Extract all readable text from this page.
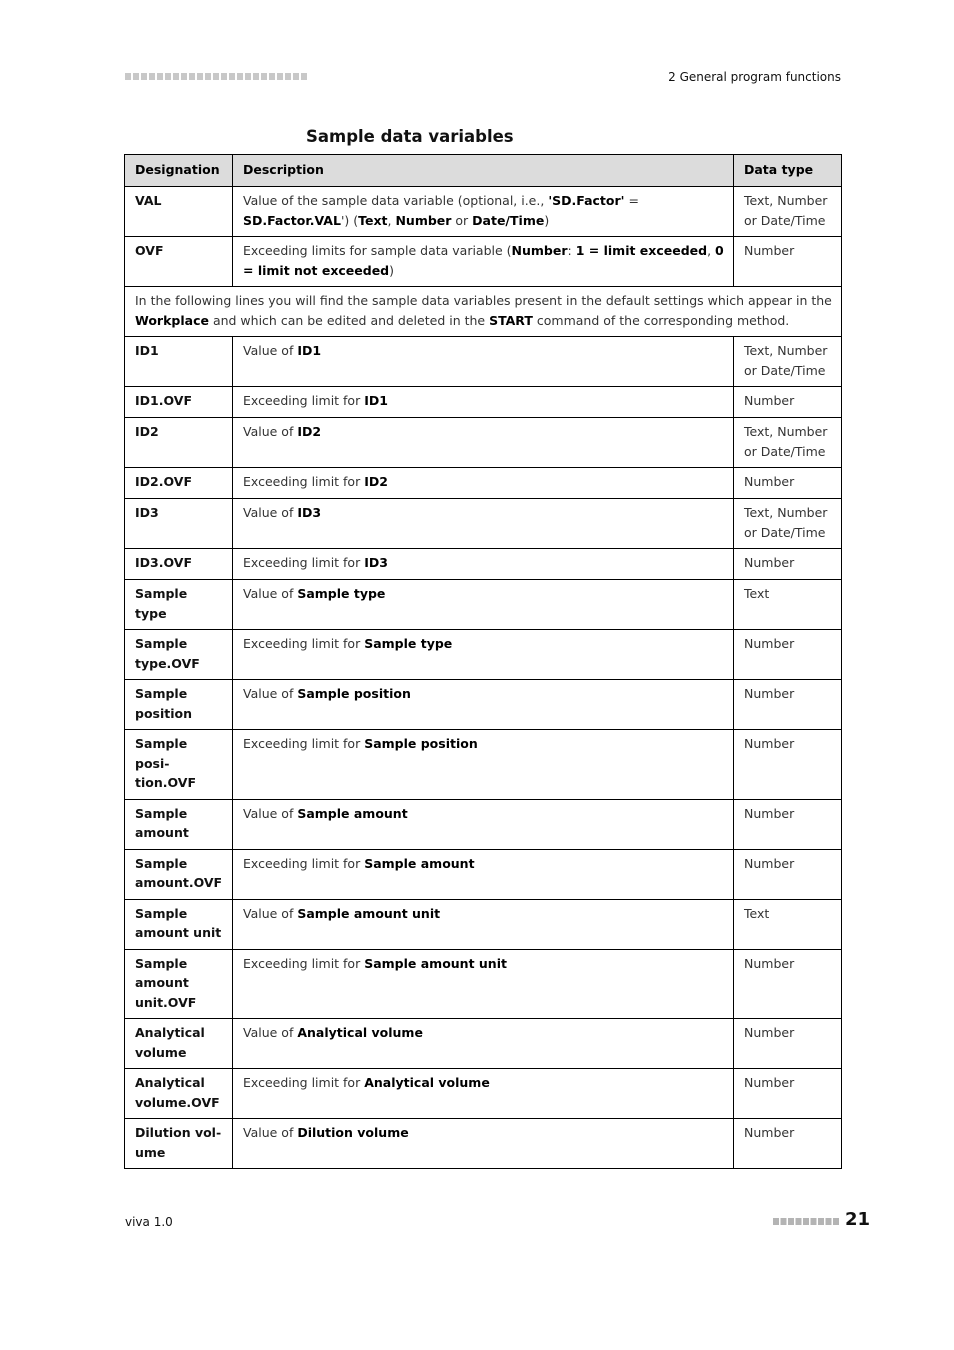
2 General program functions
Sample data variables
Designation	Description	Data type
VAL	Value of the sample data variable (optional, i.e., 'SD.Factor' = SD.Factor.VAL') (Text, Number or Date/Time)	Text, Number or Date/Time
OVF	Exceeding limits for sample data variable (Number: 1 = limit exceeded, 0 = limit not exceeded)	Number
In the following lines you will find the sample data variables present in the default settings which appear in the Workplace and which can be edited and deleted in the START command of the corresponding method.		
ID1	Value of ID1	Text, Number or Date/Time
ID1.OVF	Exceeding limit for ID1	Number
ID2	Value of ID2	Text, Number or Date/Time
ID2.OVF	Exceeding limit for ID2	Number
ID3	Value of ID3	Text, Number or Date/Time
ID3.OVF	Exceeding limit for ID3	Number
Sample type	Value of Sample type	Text
Sample type.OVF	Exceeding limit for Sample type	Number
Sample position	Value of Sample position	Number
Sample position.OVF	Exceeding limit for Sample position	Number
Sample amount	Value of Sample amount	Number
Sample amount.OVF	Exceeding limit for Sample amount	Number
Sample amount unit	Value of Sample amount unit	Text
Sample amount unit.OVF	Exceeding limit for Sample amount unit	Number
Analytical volume	Value of Analytical volume	Number
Analytical volume.OVF	Exceeding limit for Analytical volume	Number
Dilution volume	Value of Dilution volume	Number
viva 1.0	21
